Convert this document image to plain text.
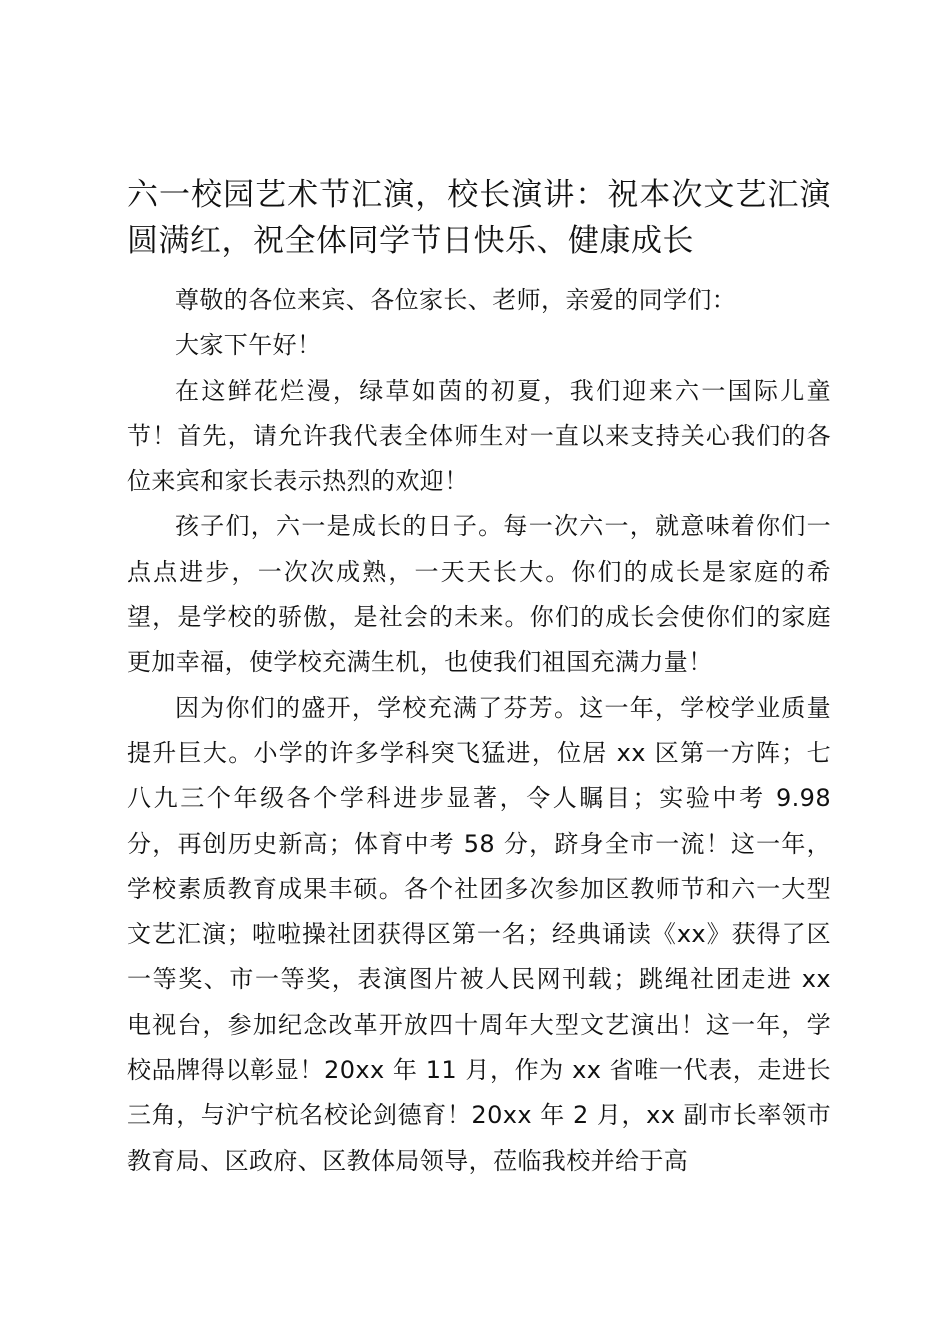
六一校园艺术节汇演，校长演讲：祝本次文艺汇演圆满红，祝全体同学节日快乐、健康成长

尊敬的各位来宾、各位家长、老师，亲爱的同学们：

大家下午好！

在这鲜花烂漫，绿草如茵的初夏，我们迎来六一国际儿童节！首先，请允许我代表全体师生对一直以来支持关心我们的各位来宾和家长表示热烈的欢迎！

孩子们，六一是成长的日子。每一次六一，就意味着你们一点点进步，一次次成熟，一天天长大。你们的成长是家庭的希望，是学校的骄傲，是社会的未来。你们的成长会使你们的家庭更加幸福，使学校充满生机，也使我们祖国充满力量！

因为你们的盛开，学校充满了芬芳。这一年，学校学业质量提升巨大。小学的许多学科突飞猛进，位居 xx 区第一方阵；七八九三个年级各个学科进步显著，令人瞩目；实验中考 9.98 分，再创历史新高；体育中考 58 分，跻身全市一流！这一年，学校素质教育成果丰硕。各个社团多次参加区教师节和六一大型文艺汇演；啦啦操社团获得区第一名；经典诵读《xx》获得了区一等奖、市一等奖，表演图片被人民网刊载；跳绳社团走进 xx 电视台，参加纪念改革开放四十周年大型文艺演出！这一年，学校品牌得以彰显！20xx 年 11 月，作为 xx 省唯一代表，走进长三角，与沪宁杭名校论剑德育！20xx 年 2 月，xx 副市长率领市教育局、区政府、区教体局领导，莅临我校并给于高
